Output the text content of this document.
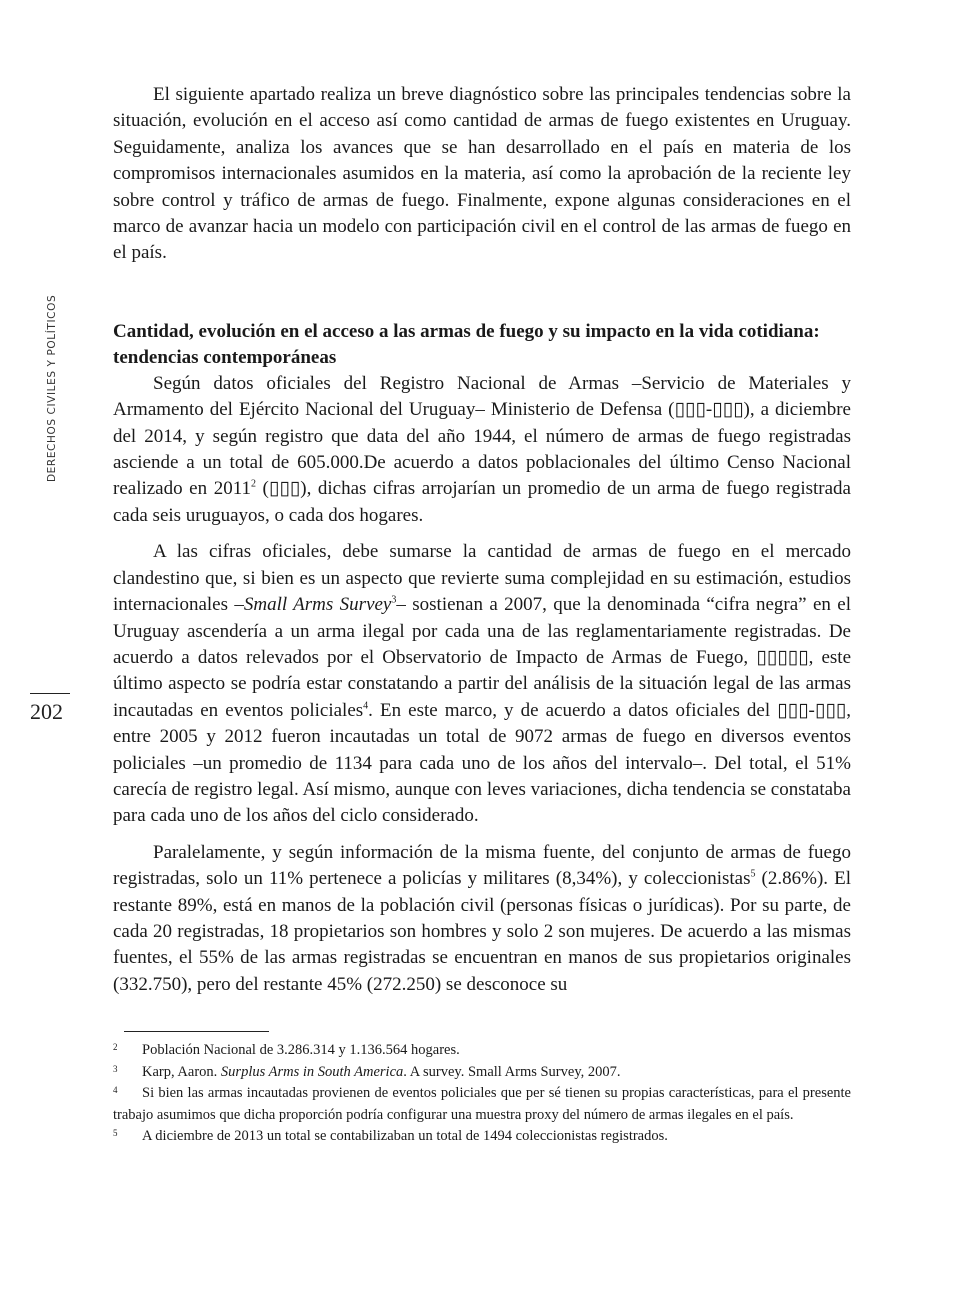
DERECHOS CIVILES Y POLÍTICOS
202

El siguiente apartado realiza un breve diagnóstico sobre las principales tendencias sobre la situación, evolución en el acceso así como cantidad de armas de fuego existentes en Uruguay. Seguidamente, analiza los avances que se han desarrollado en el país en materia de los compromisos internacionales asumidos en la materia, así como la aprobación de la reciente ley sobre control y tráfico de armas de fuego. Finalmente, expone algunas consideraciones en el marco de avanzar hacia un modelo con participación civil en el control de las armas de fuego en el país.

Cantidad, evolución en el acceso a las armas de fuego y su impacto en la vida cotidiana: tendencias contemporáneas

Según datos oficiales del Registro Nacional de Armas –Servicio de Materiales y Armamento del Ejército Nacional del Uruguay– Ministerio de Defensa (▯▯▯-▯▯▯), a diciembre del 2014, y según registro que data del año 1944, el número de armas de fuego registradas asciende a un total de 605.000.De acuerdo a datos poblacionales del último Censo Nacional realizado en 2011$^2$ (▯▯▯), dichas cifras arrojarían un promedio de un arma de fuego registrada cada seis uruguayos, o cada dos hogares.

A las cifras oficiales, debe sumarse la cantidad de armas de fuego en el mercado clandestino que, si bien es un aspecto que revierte suma complejidad en su estimación, estudios internacionales –Small Arms Survey$^3$– sostienan a 2007, que la denominada “cifra negra” en el Uruguay ascendería a un arma ilegal por cada una de las reglamentariamente registradas. De acuerdo a datos relevados por el Observatorio de Impacto de Armas de Fuego, ▯▯▯▯▯, este último aspecto se podría estar constatando a partir del análisis de la situación legal de las armas incautadas en eventos policiales$^4$. En este marco, y de acuerdo a datos oficiales del ▯▯▯-▯▯▯, entre 2005 y 2012 fueron incautadas un total de 9072 armas de fuego en diversos eventos policiales –un promedio de 1134 para cada uno de los años del intervalo–. Del total, el 51% carecía de registro legal. Así mismo, aunque con leves variaciones, dicha tendencia se constataba para cada uno de los años del ciclo considerado.

Paralelamente, y según información de la misma fuente, del conjunto de armas de fuego registradas, solo un 11% pertenece a policías y militares (8,34%), y coleccionistas$^5$ (2.86%). El restante 89%, está en manos de la población civil (personas físicas o jurídicas). Por su parte, de cada 20 registradas, 18 propietarios son hombres y solo 2 son mujeres. De acuerdo a las mismas fuentes, el 55% de las armas registradas se encuentran en manos de sus propietarios originales (332.750), pero del restante 45% (272.250) se desconoce su

2 Población Nacional de 3.286.314 y 1.136.564 hogares.

3 Karp, Aaron. Surplus Arms in South America. A survey. Small Arms Survey, 2007.

4 Si bien las armas incautadas provienen de eventos policiales que per sé tienen su propias características, para el presente trabajo asumimos que dicha proporción podría configurar una muestra proxy del número de armas ilegales en el país.

5 A diciembre de 2013 un total se contabilizaban un total de 1494 coleccionistas registrados.
